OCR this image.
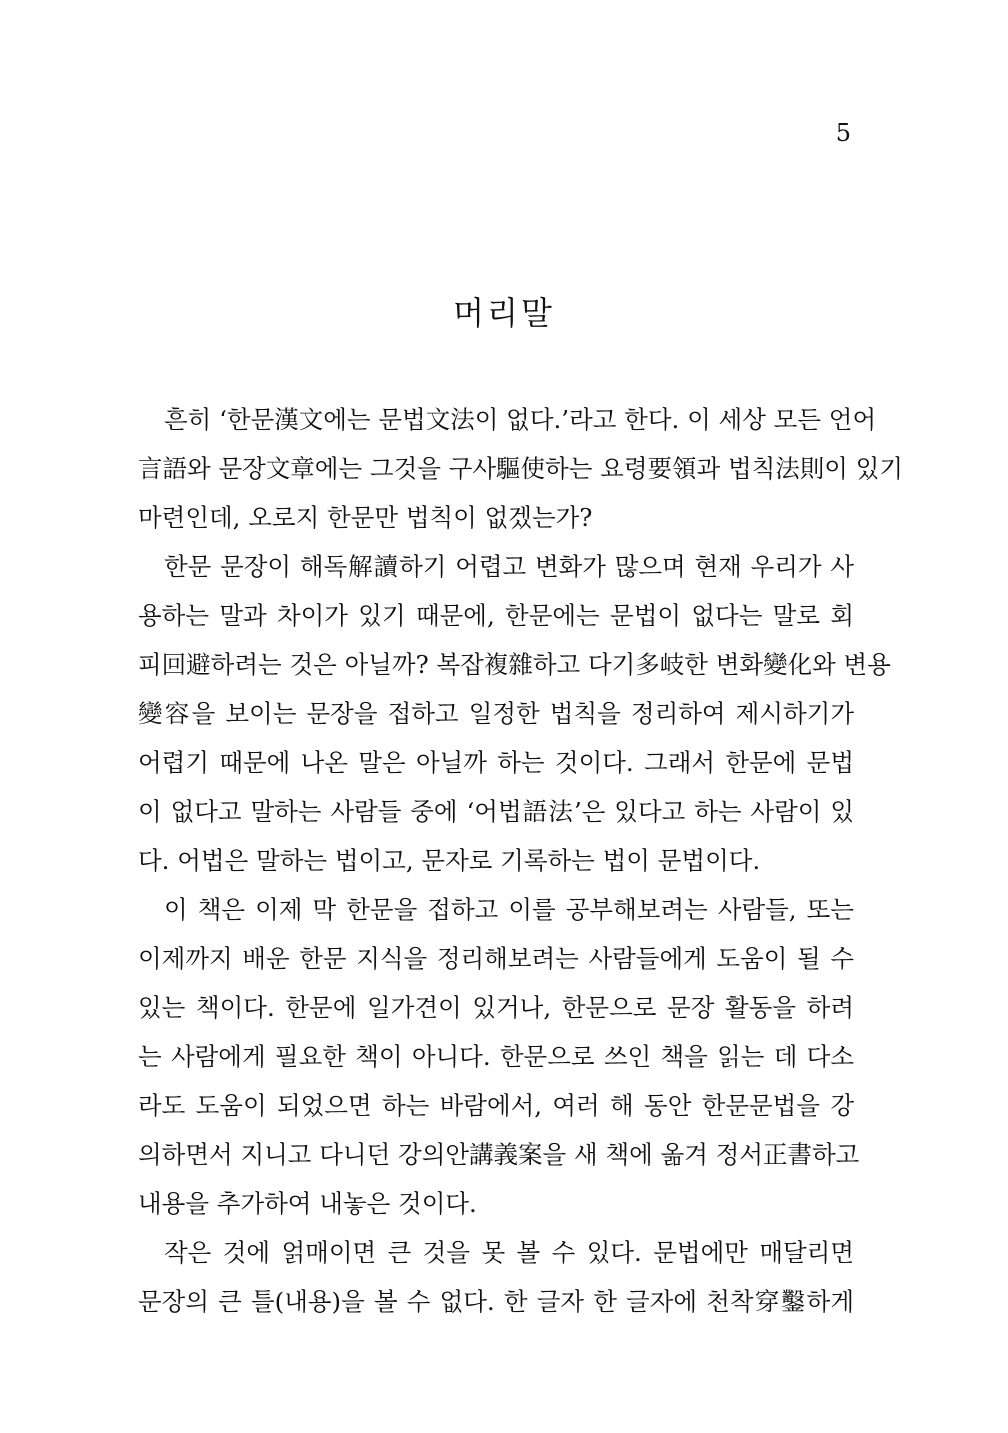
5
머리말
흔히 ‘한문漢文에는 문법文法이 없다.’라고 한다. 이 세상 모든 언어
言語와 문장文章에는 그것을 구사驅使하는 요령要領과 법칙法則이 있기
마련인데, 오로지 한문만 법칙이 없겠는가?
한문 문장이 해독解讀하기 어렵고 변화가 많으며 현재 우리가 사
용하는 말과 차이가 있기 때문에, 한문에는 문법이 없다는 말로 회
피回避하려는 것은 아닐까? 복잡複雜하고 다기多岐한 변화變化와 변용
變容을 보이는 문장을 접하고 일정한 법칙을 정리하여 제시하기가
어렵기 때문에 나온 말은 아닐까 하는 것이다. 그래서 한문에 문법
이 없다고 말하는 사람들 중에 ‘어법語法’은 있다고 하는 사람이 있
다. 어법은 말하는 법이고, 문자로 기록하는 법이 문법이다.
이 책은 이제 막 한문을 접하고 이를 공부해보려는 사람들, 또는
이제까지 배운 한문 지식을 정리해보려는 사람들에게 도움이 될 수
있는 책이다. 한문에 일가견이 있거나, 한문으로 문장 활동을 하려
는 사람에게 필요한 책이 아니다. 한문으로 쓰인 책을 읽는 데 다소
라도 도움이 되었으면 하는 바람에서, 여러 해 동안 한문문법을 강
의하면서 지니고 다니던 강의안講義案을 새 책에 옮겨 정서正書하고
내용을 추가하여 내놓은 것이다.
작은 것에 얽매이면 큰 것을 못 볼 수 있다. 문법에만 매달리면
문장의 큰 틀(내용)을 볼 수 없다. 한 글자 한 글자에 천착穿鑿하게
